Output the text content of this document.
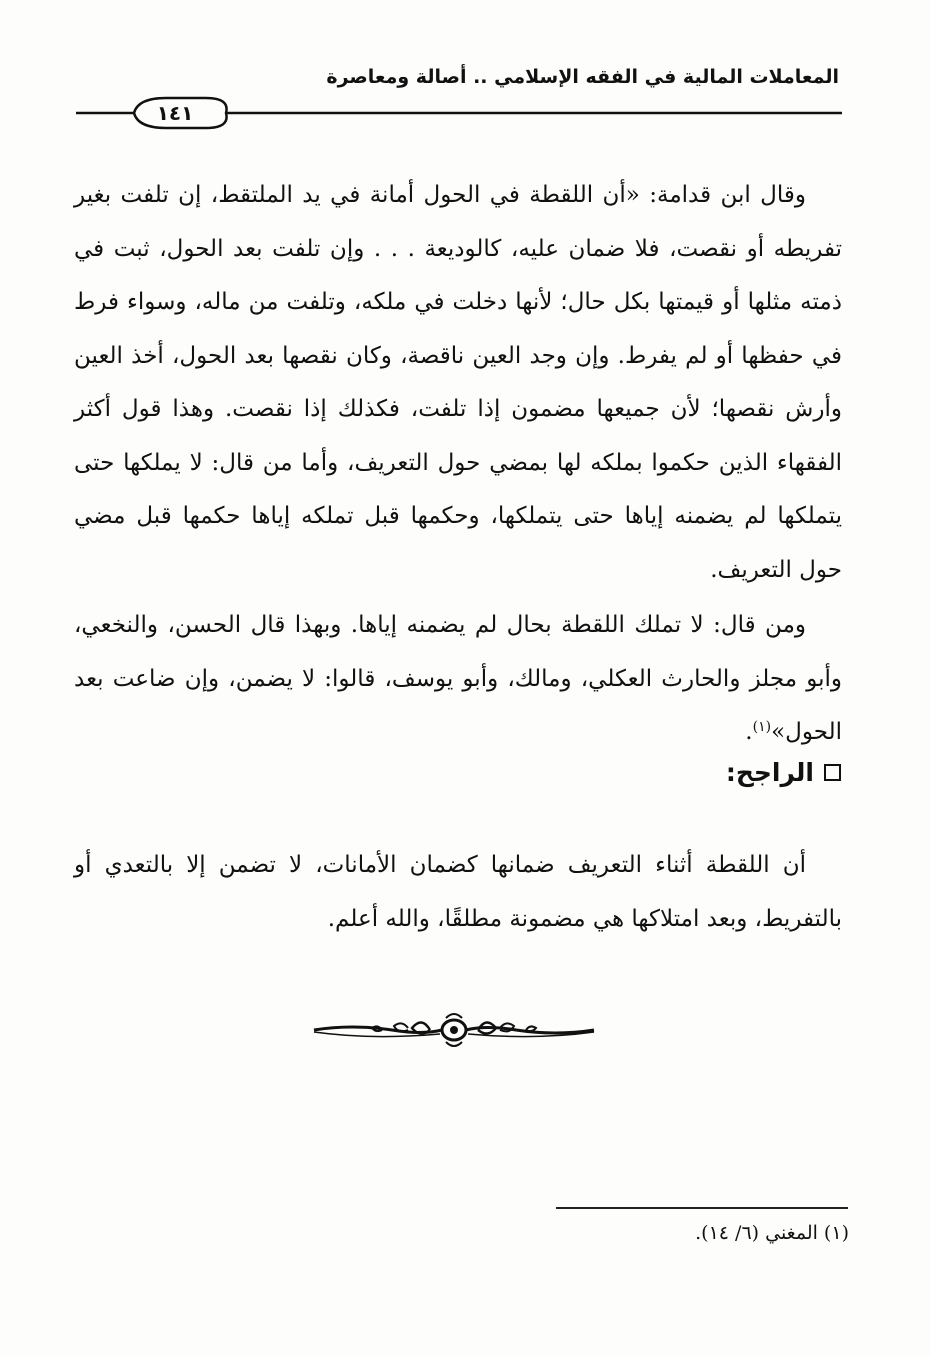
المعاملات المالية في الفقه الإسلامي .. أصالة ومعاصرة
١٤١

وقال ابن قدامة: «أن اللقطة في الحول أمانة في يد الملتقط، إن تلفت بغير تفريطه أو نقصت، فلا ضمان عليه، كالوديعة . . . وإن تلفت بعد الحول، ثبت في ذمته مثلها أو قيمتها بكل حال؛ لأنها دخلت في ملكه، وتلفت من ماله، وسواء فرط في حفظها أو لم يفرط. وإن وجد العين ناقصة، وكان نقصها بعد الحول، أخذ العين وأرش نقصها؛ لأن جميعها مضمون إذا تلفت، فكذلك إذا نقصت. وهذا قول أكثر الفقهاء الذين حكموا بملكه لها بمضي حول التعريف، وأما من قال: لا يملكها حتى يتملكها لم يضمنه إياها حتى يتملكها، وحكمها قبل تملكه إياها حكمها قبل مضي حول التعريف.

ومن قال: لا تملك اللقطة بحال لم يضمنه إياها. وبهذا قال الحسن، والنخعي، وأبو مجلز والحارث العكلي، ومالك، وأبو يوسف، قالوا: لا يضمن، وإن ضاعت بعد الحول»$^{(١)}$.

الراجح:

أن اللقطة أثناء التعريف ضمانها كضمان الأمانات، لا تضمن إلا بالتعدي أو بالتفريط، وبعد امتلاكها هي مضمونة مطلقًا، والله أعلم.

(١) المغني (٦/ ١٤).
